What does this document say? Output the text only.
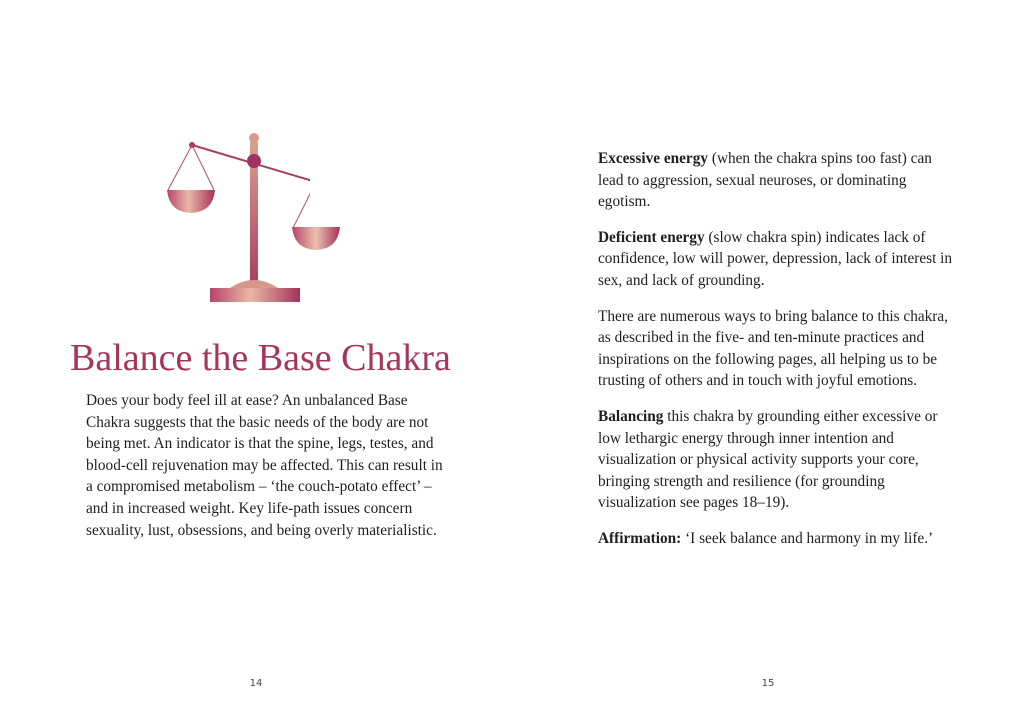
Balance the Base Chakra

Does your body feel ill at ease? An unbalanced Base Chakra suggests that the basic needs of the body are not being met. An indicator is that the spine, legs, testes, and blood-cell rejuvenation may be affected. This can result in a compromised metabolism – ‘the couch-potato effect’ – and in increased weight. Key life-path issues concern sexuality, lust, obsessions, and being overly materialistic.

14

Excessive energy (when the chakra spins too fast) can lead to aggression, sexual neuroses, or dominating egotism.

Deficient energy (slow chakra spin) indicates lack of confidence, low will power, depression, lack of interest in sex, and lack of grounding.

There are numerous ways to bring balance to this chakra, as described in the five- and ten-minute practices and inspirations on the following pages, all helping us to be trusting of others and in touch with joyful emotions.

Balancing this chakra by grounding either excessive or low lethargic energy through inner intention and visualization or physical activity supports your core, bringing strength and resilience (for grounding visualization see pages 18–19).

Affirmation: ‘I seek balance and harmony in my life.’

15
